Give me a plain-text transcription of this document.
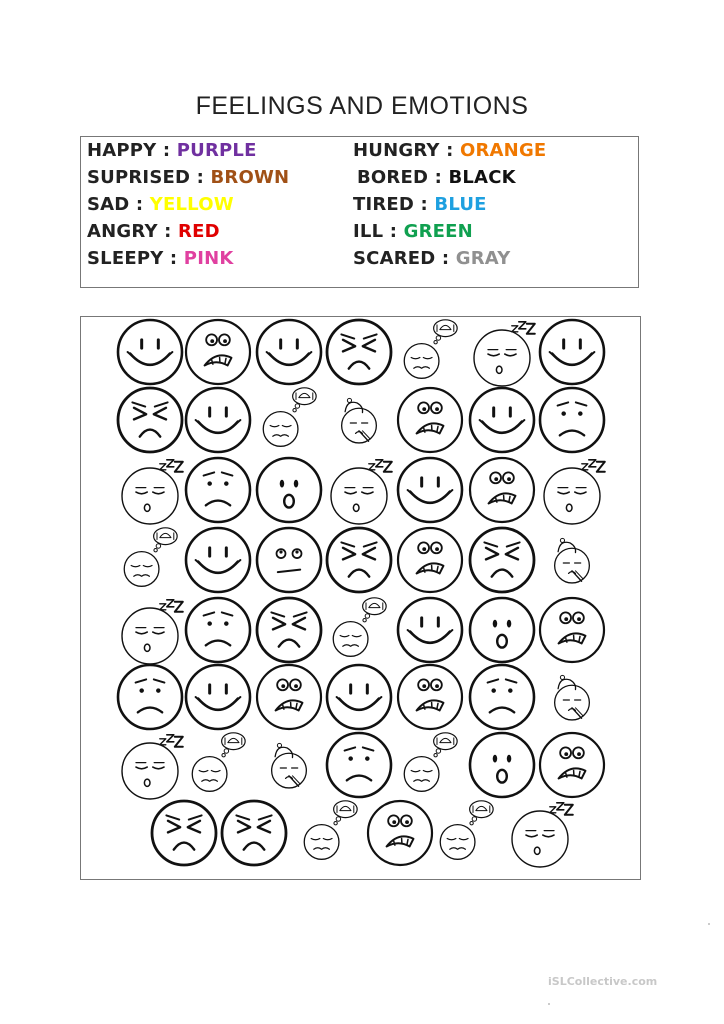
FEELINGS AND EMOTIONS
HAPPY : PURPLE
SUPRISED : BROWN
SAD : YELLOW
ANGRY : RED
SLEEPY : PINK
HUNGRY : ORANGE
BORED : BLACK
TIRED : BLUE
ILL : GREEN
SCARED : GRAY
iSLCollective.com
